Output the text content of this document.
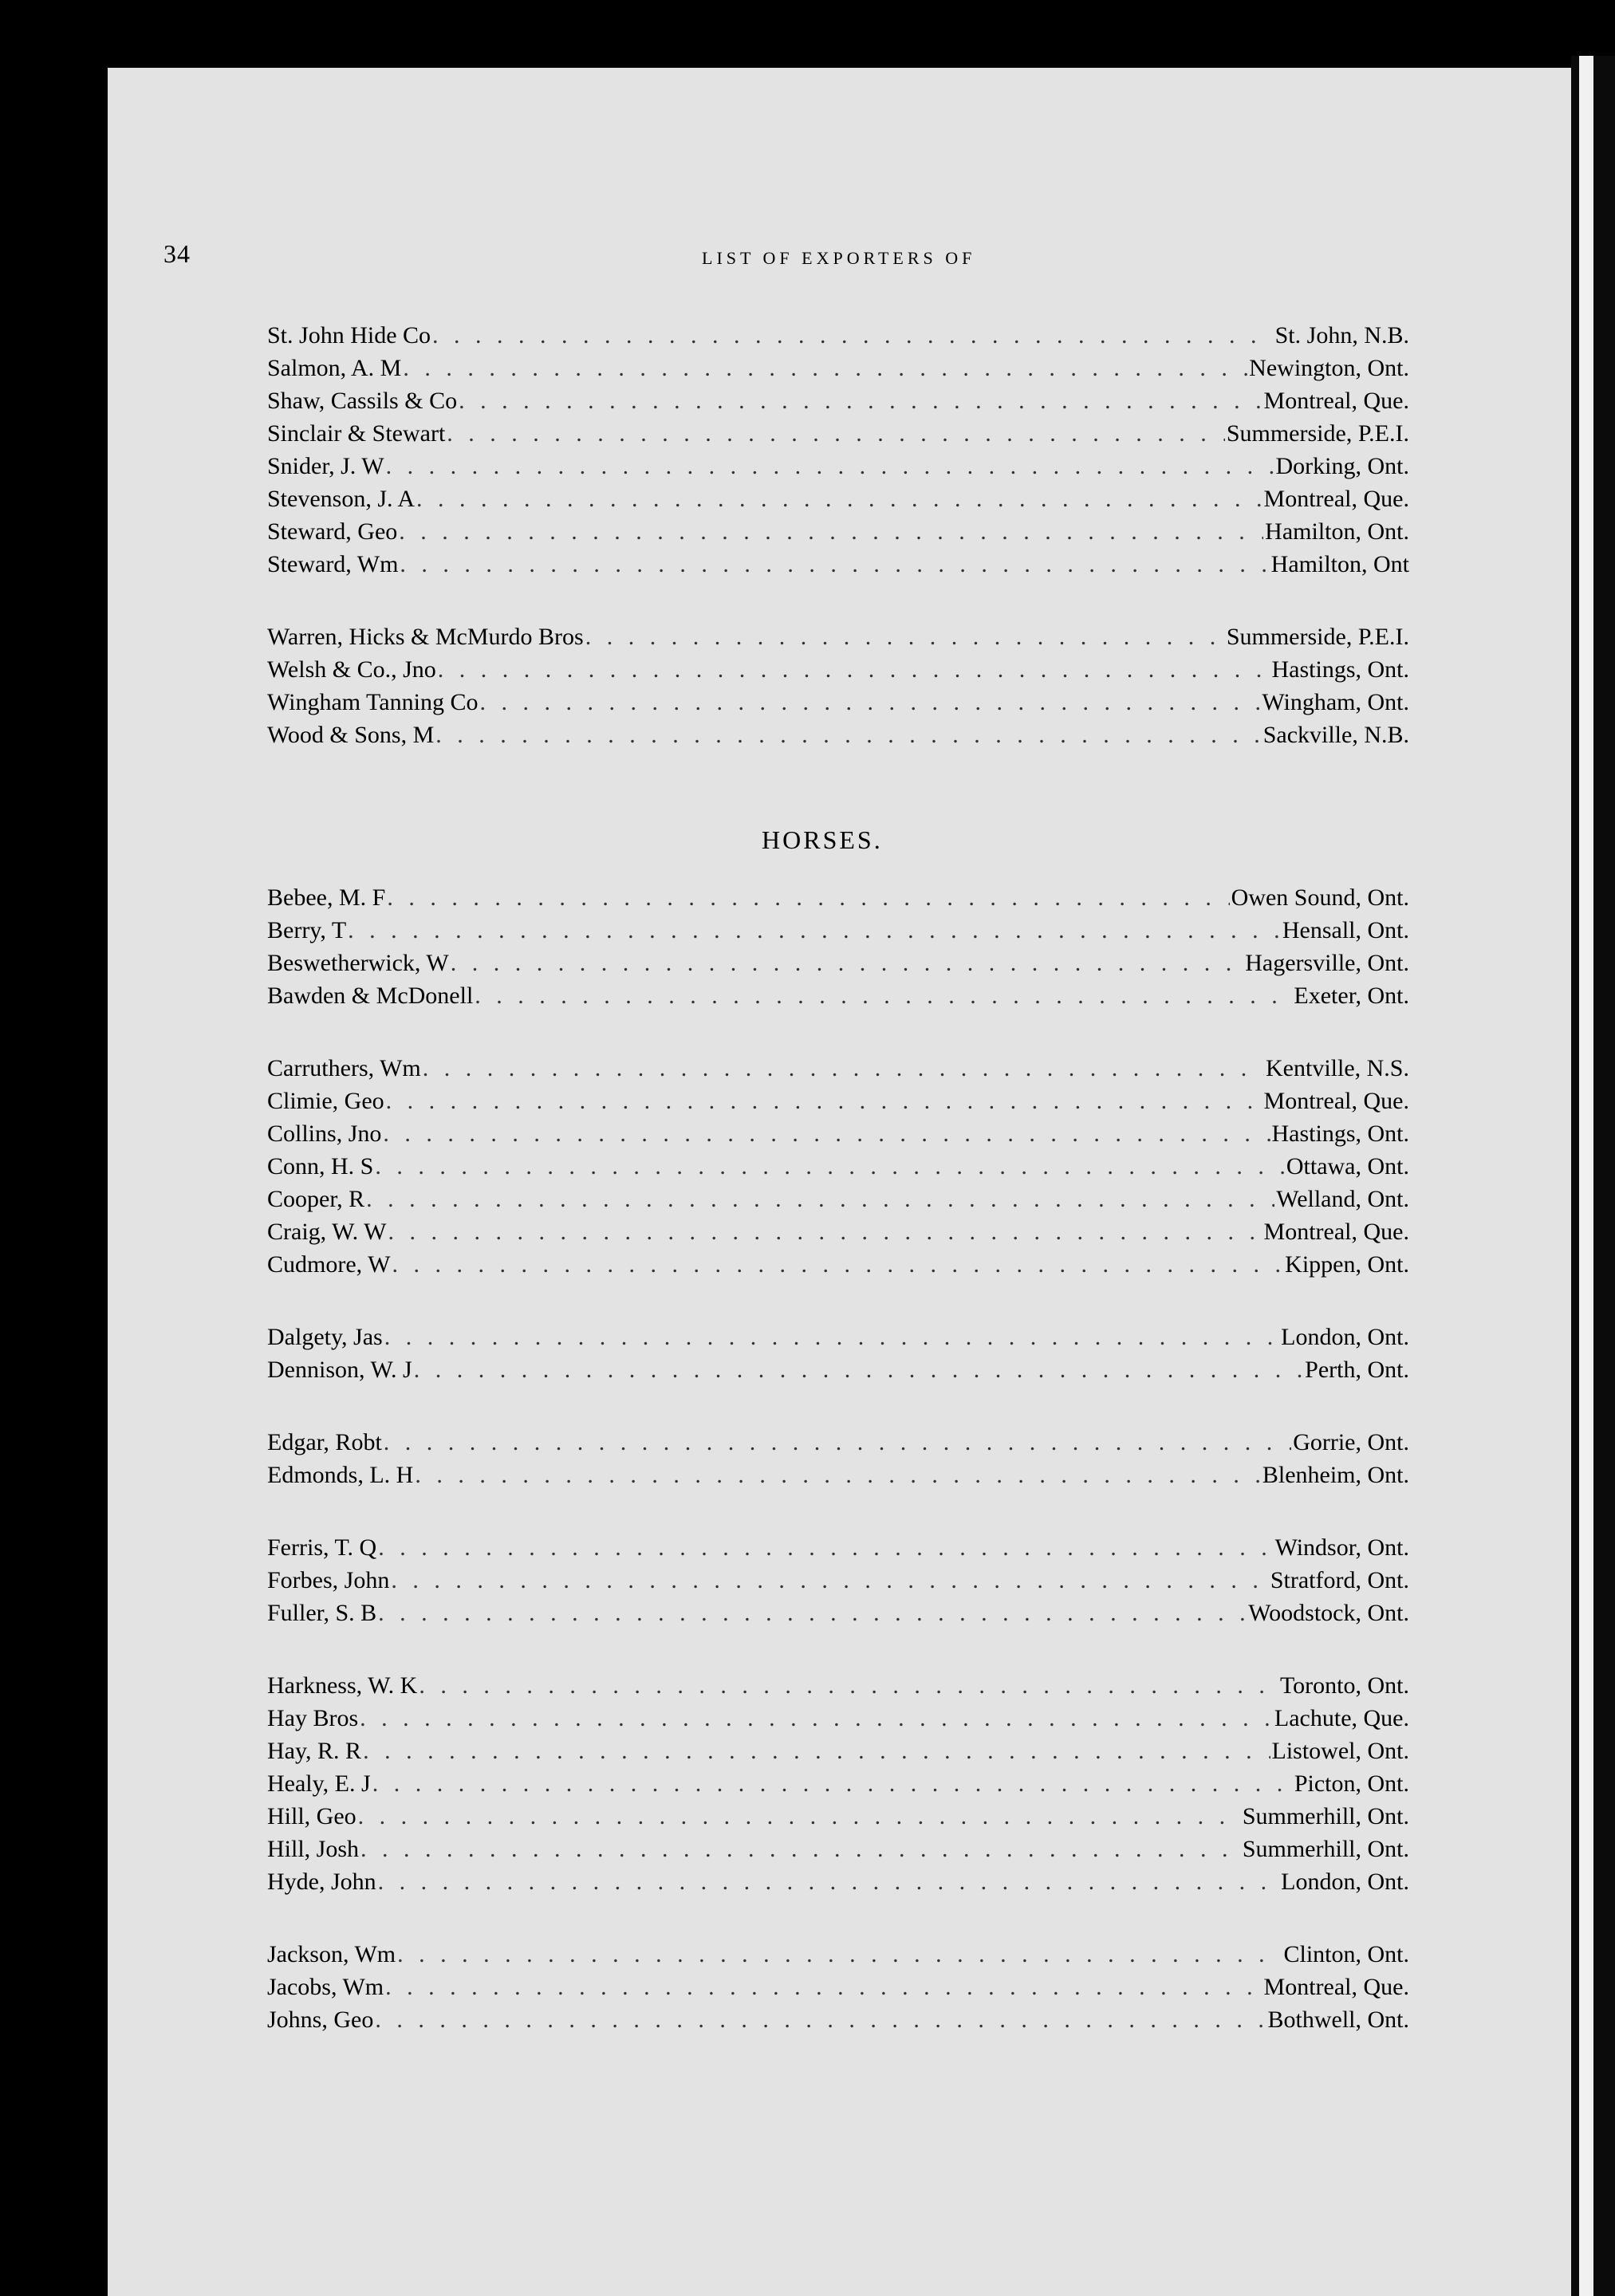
34	LIST OF EXPORTERS OF
HORSES.
St. John Hide Co . . .	St. John, N.B.
Salmon, A. M . . .	Newington, Ont.
Shaw, Cassils & Co . . .	Montreal, Que.
Sinclair & Stewart . . .	Summerside, P.E.I.
Snider, J. W . . .	Dorking, Ont.
Stevenson, J. A . . .	Montreal, Que.
Steward, Geo . . .	Hamilton, Ont.
Steward, Wm . . .	Hamilton, Ont
Warren, Hicks & McMurdo Bros . . .	Summerside, P.E.I.
Welsh & Co., Jno . . .	Hastings, Ont.
Wingham Tanning Co . . .	Wingham, Ont.
Wood & Sons, M . . .	Sackville, N.B.
Bebee, M. F . . .	Owen Sound, Ont.
Berry, T . . .	Hensall, Ont.
Beswetherwick, W . . .	Hagersville, Ont.
Bawden & McDonell . . .	Exeter, Ont.
Carruthers, Wm . . .	Kentville, N.S.
Climie, Geo . . .	Montreal, Que.
Collins, Jno . . .	Hastings, Ont.
Conn, H. S . . .	Ottawa, Ont.
Cooper, R . . .	Welland, Ont.
Craig, W. W . . .	Montreal, Que.
Cudmore, W . . .	Kippen, Ont.
Dalgety, Jas . . .	London, Ont.
Dennison, W. J . . .	Perth, Ont.
Edgar, Robt . . .	Gorrie, Ont.
Edmonds, L. H . . .	Blenheim, Ont.
Ferris, T. Q . . .	Windsor, Ont.
Forbes, John . . .	Stratford, Ont.
Fuller, S. B . . .	Woodstock, Ont.
Harkness, W. K . . .	Toronto, Ont.
Hay Bros . . .	Lachute, Que.
Hay, R. R . . .	Listowel, Ont.
Healy, E. J . . .	Picton, Ont.
Hill, Geo . . .	Summerhill, Ont.
Hill, Josh . . .	Summerhill, Ont.
Hyde, John . . .	London, Ont.
Jackson, Wm . . .	Clinton, Ont.
Jacobs, Wm . . .	Montreal, Que.
Johns, Geo . . .	Bothwell, Ont.
